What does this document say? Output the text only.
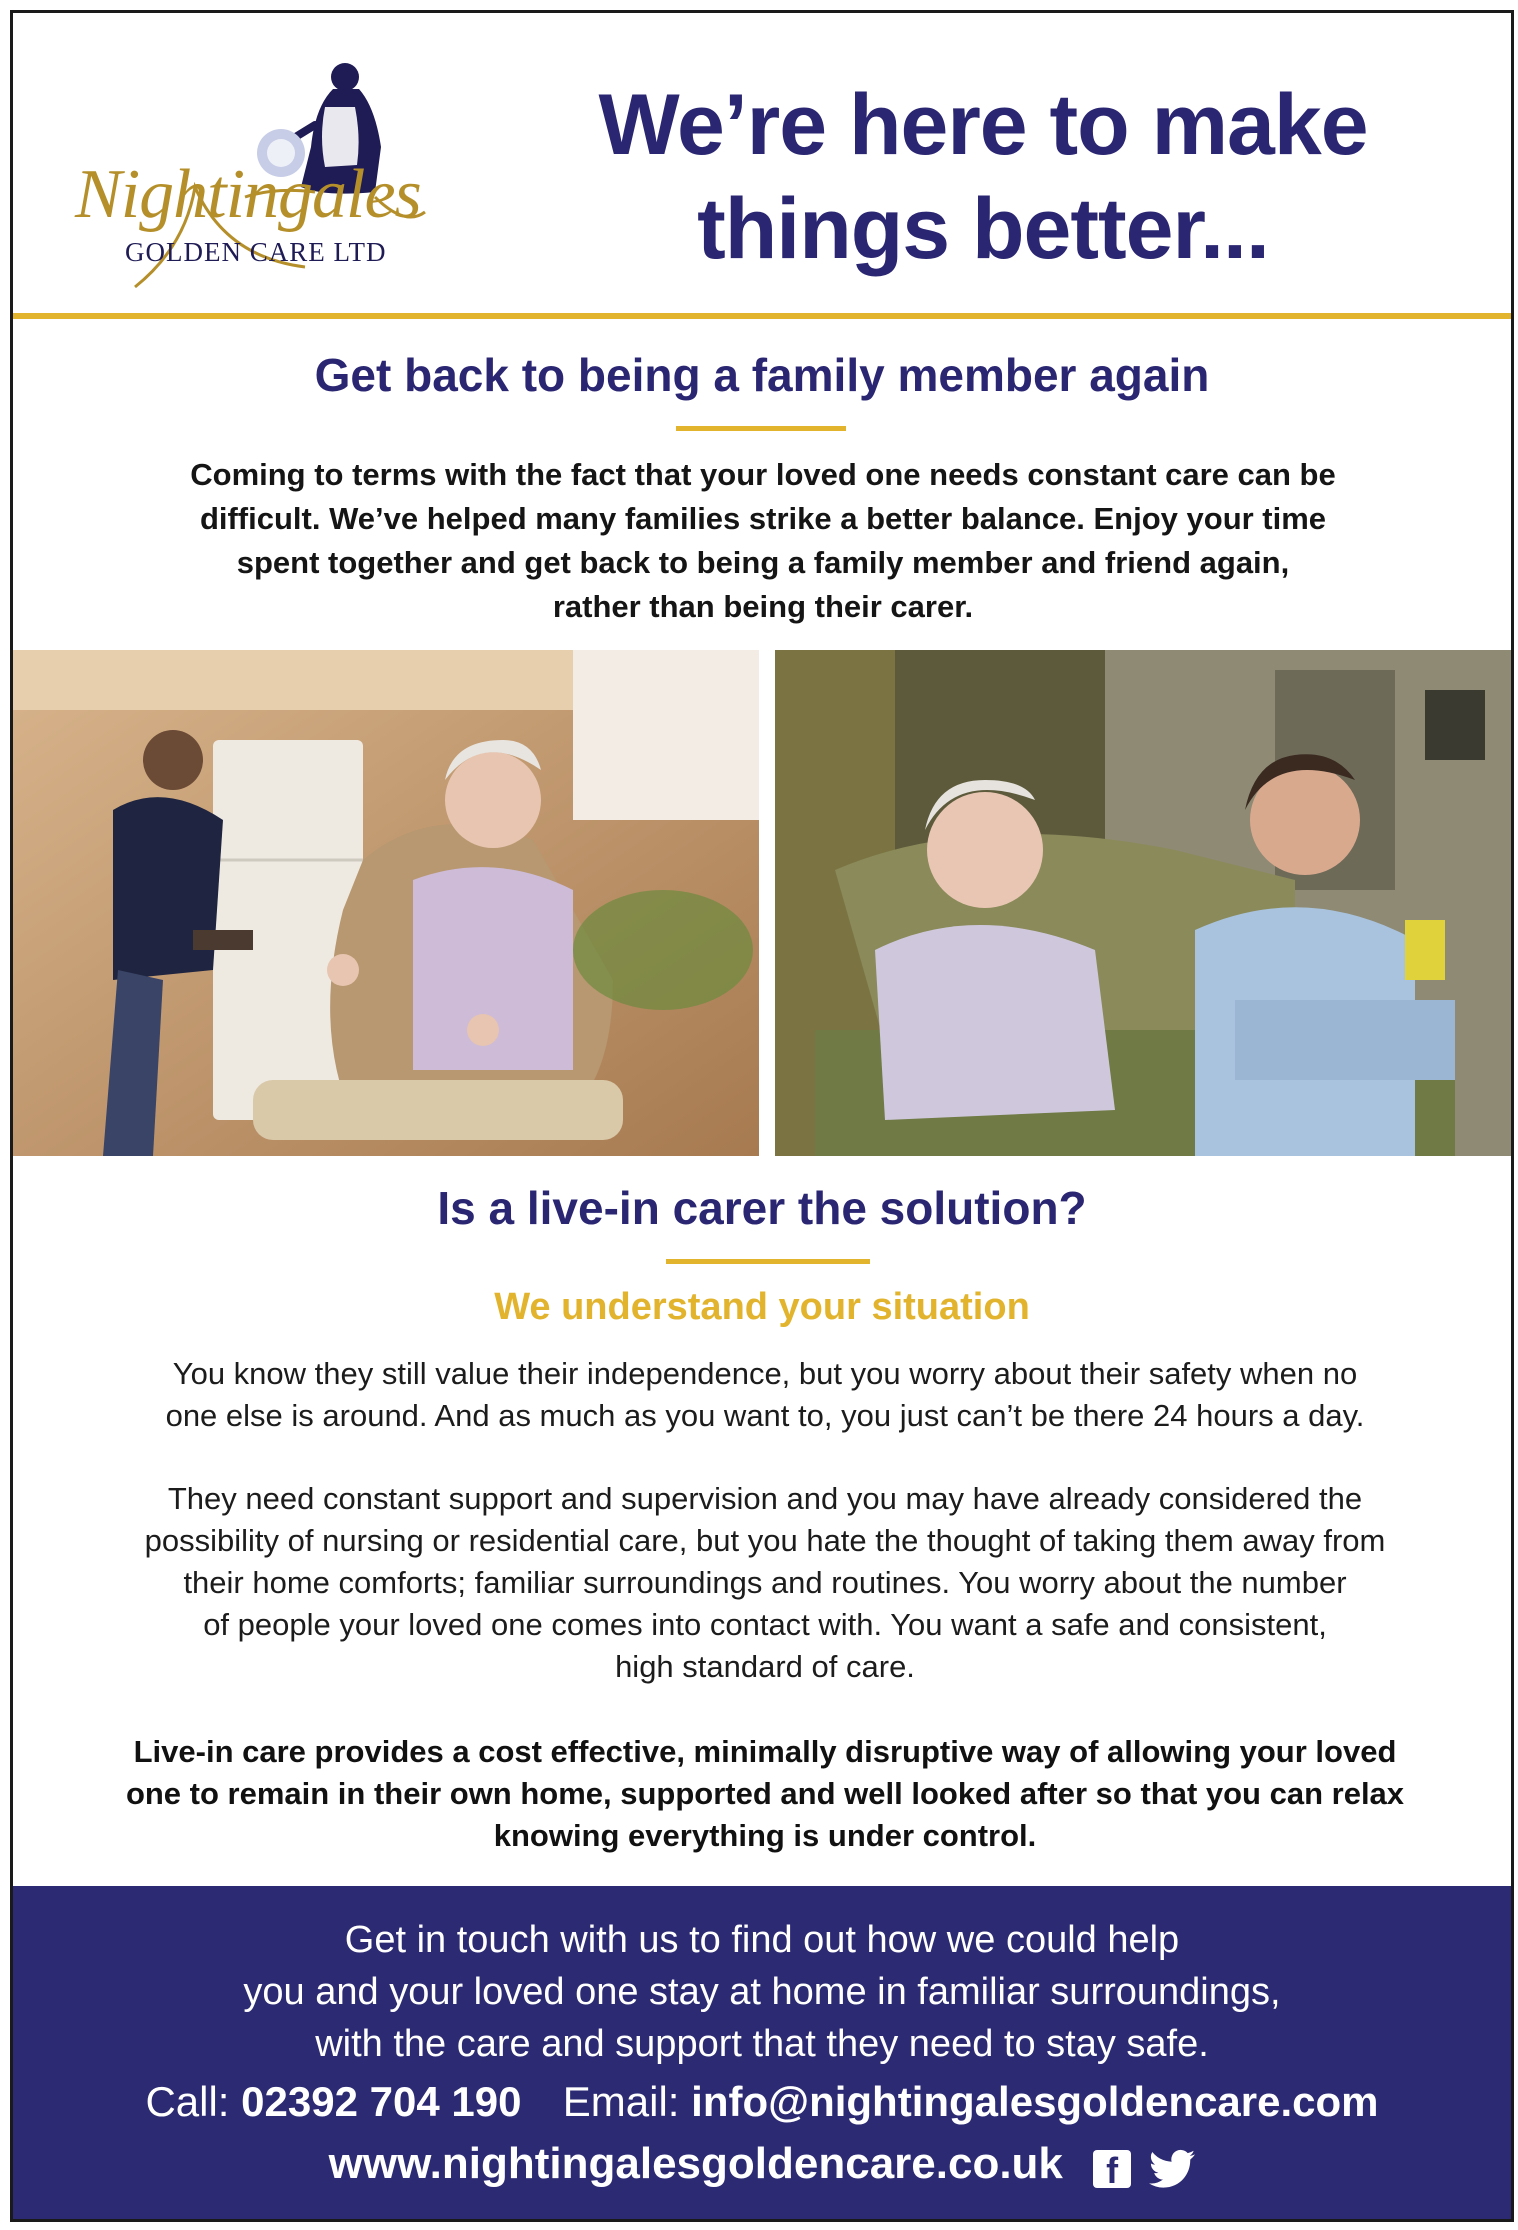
Nightingales
GOLDEN CARE LTD
We’re here to make
things better...
Get back to being a family member again
Coming to terms with the fact that your loved one needs constant care can be
difficult. We’ve helped many families strike a better balance. Enjoy your time
spent together and get back to being a family member and friend again,
rather than being their carer.
Is a live-in carer the solution?
We understand your situation
You know they still value their independence, but you worry about their safety when no
one else is around. And as much as you want to, you just can’t be there 24 hours a day.
They need constant support and supervision and you may have already considered the
possibility of nursing or residential care, but you hate the thought of taking them away from
their home comforts; familiar surroundings and routines. You worry about the number
of people your loved one comes into contact with. You want a safe and consistent,
high standard of care.
Live-in care provides a cost effective, minimally disruptive way of allowing your loved
one to remain in their own home, supported and well looked after so that you can relax
knowing everything is under control.
Get in touch with us to find out how we could help
you and your loved one stay at home in familiar surroundings,
with the care and support that they need to stay safe.
Call: 02392 704 190 Email: info@nightingalesgoldencare.com
www.nightingalesgoldencare.co.uk f
